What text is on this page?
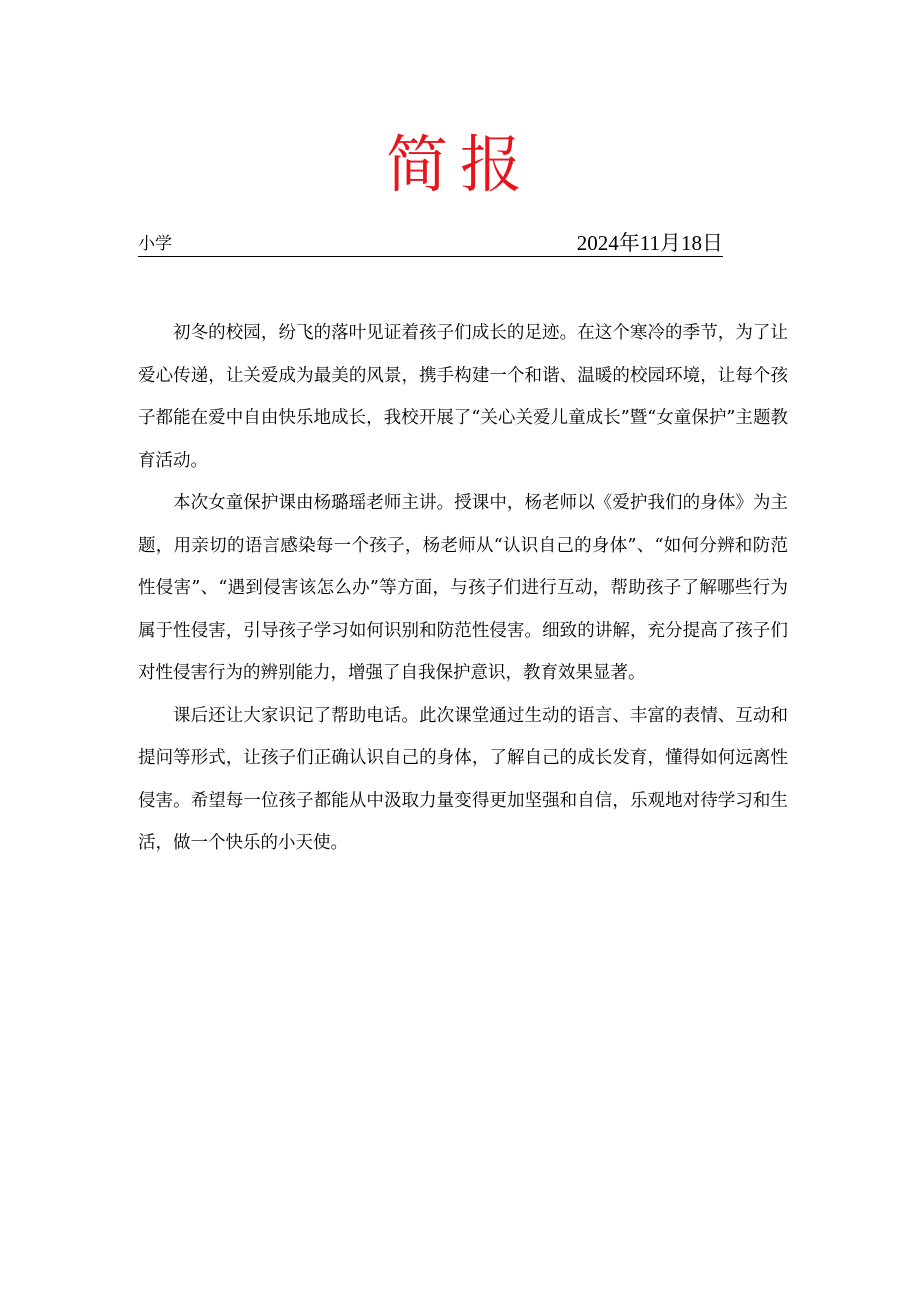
简报
小学	2024年11月18日

初冬的校园，纷飞的落叶见证着孩子们成长的足迹。在这个寒冷的季节，为了让爱心传递，让关爱成为最美的风景，携手构建一个和谐、温暖的校园环境，让每个孩子都能在爱中自由快乐地成长，我校开展了“关心关爱儿童成长”暨“女童保护”主题教育活动。

本次女童保护课由杨璐瑶老师主讲。授课中，杨老师以《爱护我们的身体》为主题，用亲切的语言感染每一个孩子，杨老师从“认识自己的身体”、“如何分辨和防范性侵害”、“遇到侵害该怎么办”等方面，与孩子们进行互动，帮助孩子了解哪些行为属于性侵害，引导孩子学习如何识别和防范性侵害。细致的讲解，充分提高了孩子们对性侵害行为的辨别能力，增强了自我保护意识，教育效果显著。

课后还让大家识记了帮助电话。此次课堂通过生动的语言、丰富的表情、互动和提问等形式，让孩子们正确认识自己的身体，了解自己的成长发育，懂得如何远离性侵害。希望每一位孩子都能从中汲取力量变得更加坚强和自信，乐观地对待学习和生活，做一个快乐的小天使。
